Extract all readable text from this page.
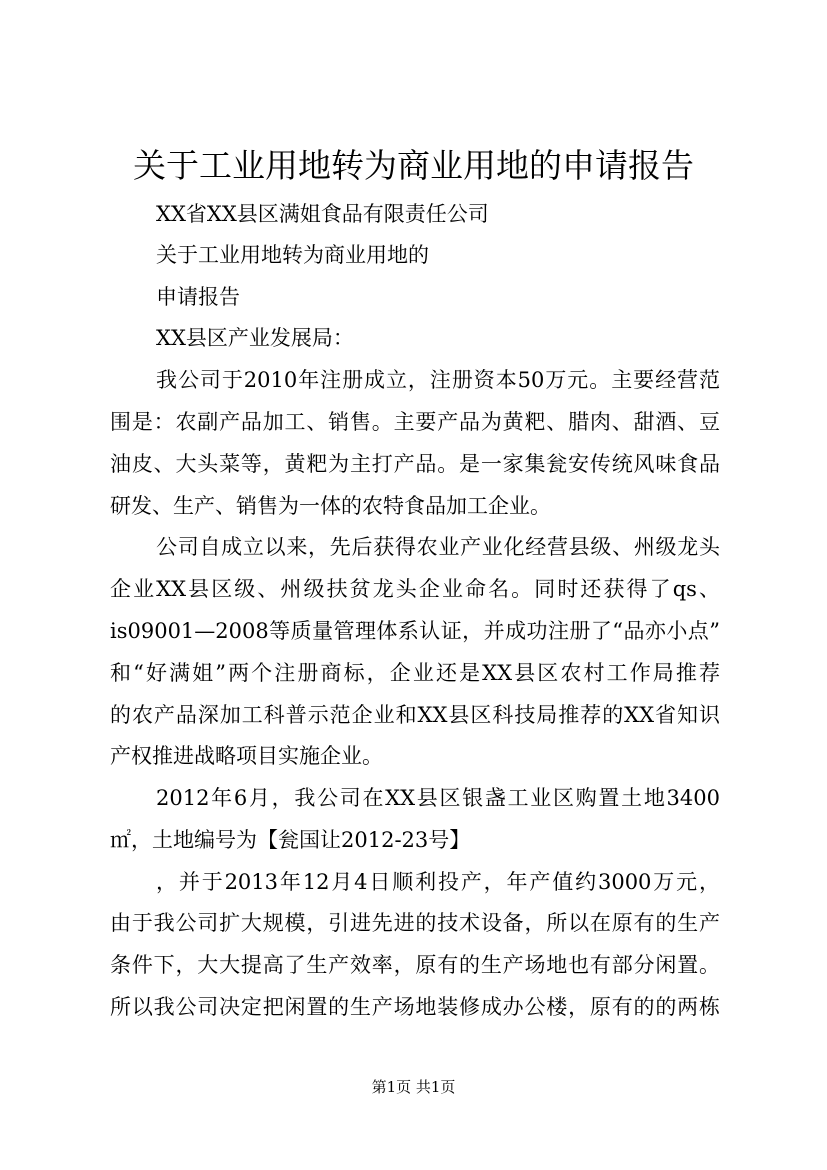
关于工业用地转为商业用地的申请报告
XX省XX县区满姐食品有限责任公司
关于工业用地转为商业用地的
申请报告
XX县区产业发展局：
我公司于2010年注册成立，注册资本50万元。主要经营范
围是：农副产品加工、销售。主要产品为黄粑、腊肉、甜酒、豆
油皮、大头菜等，黄粑为主打产品。是一家集瓮安传统风味食品
研发、生产、销售为一体的农特食品加工企业。
公司自成立以来，先后获得农业产业化经营县级、州级龙头
企业XX县区级、州级扶贫龙头企业命名。同时还获得了qs、
is09001—2008等质量管理体系认证，并成功注册了“品亦小点”
和“好满姐”两个注册商标，企业还是XX县区农村工作局推荐
的农产品深加工科普示范企业和XX县区科技局推荐的XX省知识
产权推进战略项目实施企业。
2012年6月，我公司在XX县区银盏工业区购置土地3400
㎡，土地编号为【瓮国让2012-23号】
，并于2013年12月4日顺利投产，年产值约3000万元，
由于我公司扩大规模，引进先进的技术设备，所以在原有的生产
条件下，大大提高了生产效率，原有的生产场地也有部分闲置。
所以我公司决定把闲置的生产场地装修成办公楼，原有的的两栋
第1页 共1页
